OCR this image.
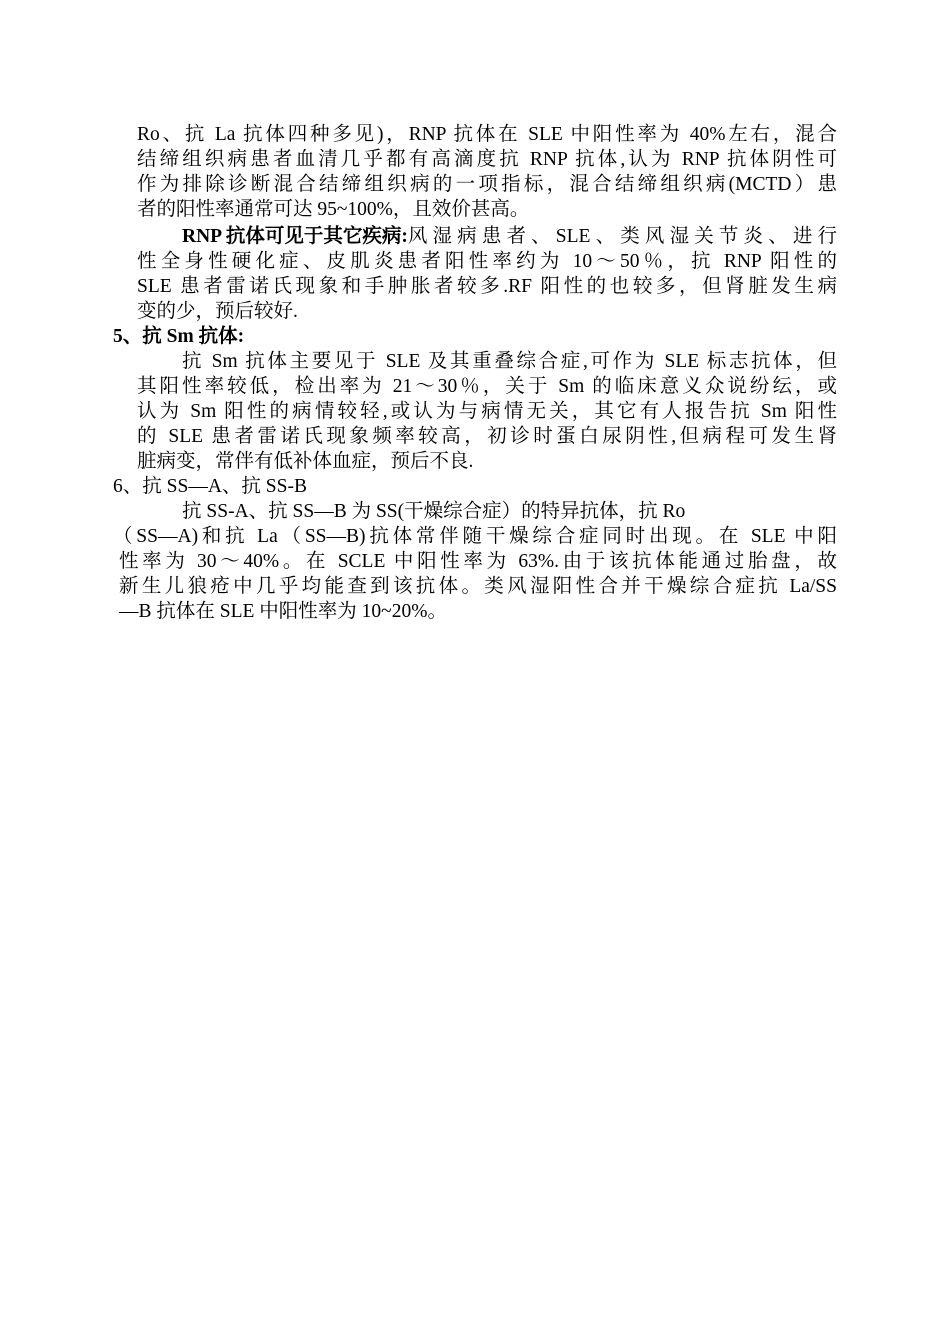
Ro、抗 La 抗体四种多见)，RNP 抗体在 SLE 中阳性率为 40%左右，混合
结缔组织病患者血清几乎都有高滴度抗 RNP 抗体,认为 RNP 抗体阴性可
作为排除诊断混合结缔组织病的一项指标，混合结缔组织病(MCTD）患
者的阳性率通常可达 95~100%，且效价甚高。
RNP 抗体可见于其它疾病: 风湿病患者、SLE、类风湿关节炎、进行
性全身性硬化症、皮肌炎患者阳性率约为 10～50％，抗 RNP 阳性的
SLE 患者雷诺氏现象和手肿胀者较多.RF 阳性的也较多，但肾脏发生病
变的少，预后较好.
5、抗 Sm 抗体:
抗 Sm 抗体主要见于 SLE 及其重叠综合症,可作为 SLE 标志抗体，但
其阳性率较低，检出率为 21～30％，关于 Sm 的临床意义众说纷纭，或
认为 Sm 阳性的病情较轻,或认为与病情无关，其它有人报告抗 Sm 阳性
的 SLE 患者雷诺氏现象频率较高，初诊时蛋白尿阴性,但病程可发生肾
脏病变，常伴有低补体血症，预后不良.
6、抗 SS—A、抗 SS-B
抗 SS-A、抗 SS—B 为 SS(干燥综合症）的特异抗体，抗 Ro
（SS—A)和抗 La（SS—B)抗体常伴随干燥综合症同时出现。在 SLE 中阳
性率为 30～40%。在 SCLE 中阳性率为 63%.由于该抗体能通过胎盘，故
新生儿狼疮中几乎均能查到该抗体。类风湿阳性合并干燥综合症抗 La/SS
—B 抗体在 SLE 中阳性率为 10~20%。
